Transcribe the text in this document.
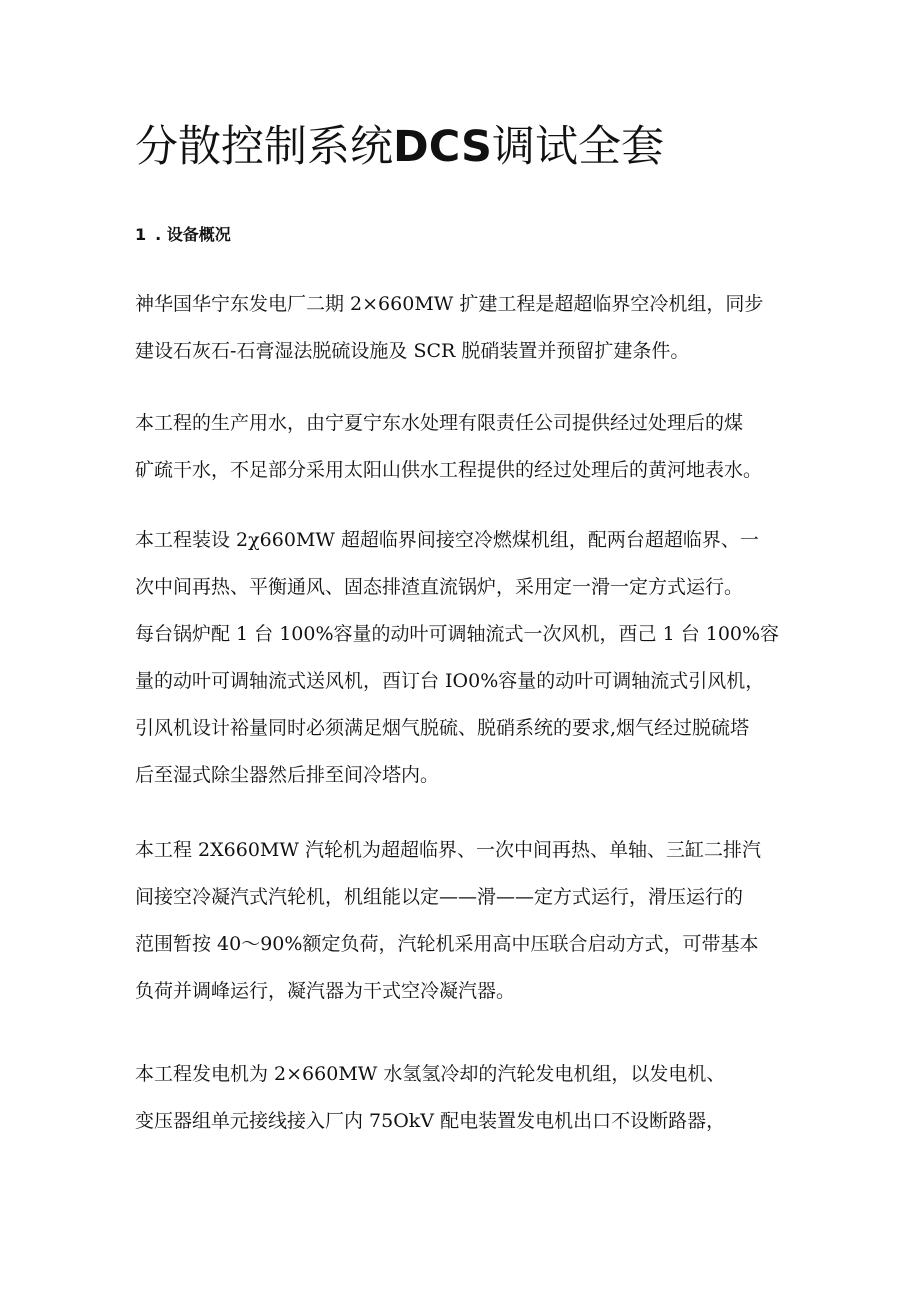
分散控制系统DCS调试全套
1 . 设备概况

神华国华宁东发电厂二期 2×660MW 扩建工程是超超临界空冷机组，同步
建设石灰石-石膏湿法脱硫设施及 SCR 脱硝装置并预留扩建条件。

本工程的生产用水，由宁夏宁东水处理有限责任公司提供经过处理后的煤
矿疏干水，不足部分采用太阳山供水工程提供的经过处理后的黄河地表水。

本工程装设 2χ660MW 超超临界间接空冷燃煤机组，配两台超超临界、一
次中间再热、平衡通风、固态排渣直流锅炉，采用定一滑一定方式运行。
每台锅炉配 1 台 100%容量的动叶可调轴流式一次风机，酉己 1 台 100%容
量的动叶可调轴流式送风机，酉订台 IO0%容量的动叶可调轴流式引风机，
引风机设计裕量同时必须满足烟气脱硫、脱硝系统的要求,烟气经过脱硫塔
后至湿式除尘器然后排至间冷塔内。

本工程 2X660MW 汽轮机为超超临界、一次中间再热、单轴、三缸二排汽
间接空冷凝汽式汽轮机，机组能以定——滑——定方式运行，滑压运行的
范围暂按 40～90%额定负荷，汽轮机采用高中压联合启动方式，可带基本
负荷并调峰运行，凝汽器为干式空冷凝汽器。

本工程发电机为 2×660MW 水氢氢冷却的汽轮发电机组，以发电机、
变压器组单元接线接入厂内 75OkV 配电装置发电机出口不设断路器，
